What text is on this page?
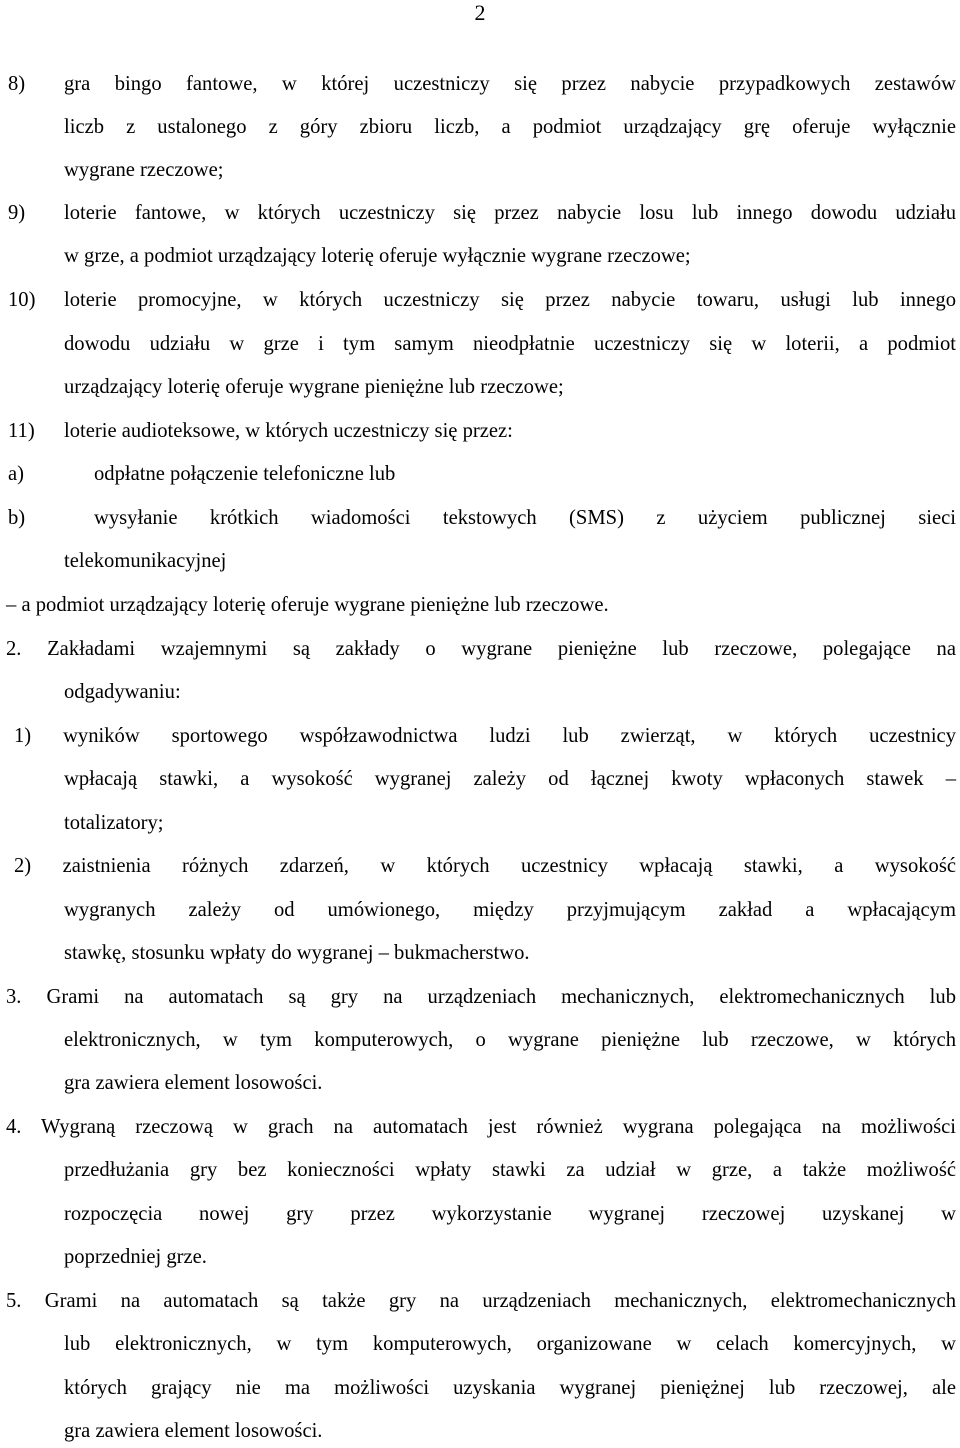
2
8) gra bingo fantowe, w której uczestniczy się przez nabycie przypadkowych zestawów
liczb z ustalonego z góry zbioru liczb, a podmiot urządzający grę oferuje wyłącznie
wygrane rzeczowe;
9) loterie fantowe, w których uczestniczy się przez nabycie losu lub innego dowodu udziału
w grze, a podmiot urządzający loterię oferuje wyłącznie wygrane rzeczowe;
10) loterie promocyjne, w których uczestniczy się przez nabycie towaru, usługi lub innego
dowodu udziału w grze i tym samym nieodpłatnie uczestniczy się w loterii, a podmiot
urządzający loterię oferuje wygrane pieniężne lub rzeczowe;
11) loterie audioteksowe, w których uczestniczy się przez:
a)	odpłatne połączenie telefoniczne lub
b)	wysyłanie krótkich wiadomości tekstowych (SMS) z użyciem publicznej sieci
telekomunikacyjnej
– a podmiot urządzający loterię oferuje wygrane pieniężne lub rzeczowe.
2. Zakładami wzajemnymi są zakłady o wygrane pieniężne lub rzeczowe, polegające na
odgadywaniu:
1) wyników sportowego współzawodnictwa ludzi lub zwierząt, w których uczestnicy
wpłacają stawki, a wysokość wygranej zależy od łącznej kwoty wpłaconych stawek –
totalizatory;
2) zaistnienia różnych zdarzeń, w których uczestnicy wpłacają stawki, a wysokość
wygranych zależy od umówionego, między przyjmującym zakład a wpłacającym
stawkę, stosunku wpłaty do wygranej – bukmacherstwo.
3. Grami na automatach są gry na urządzeniach mechanicznych, elektromechanicznych lub
elektronicznych, w tym komputerowych, o wygrane pieniężne lub rzeczowe, w których
gra zawiera element losowości.
4. Wygraną rzeczową w grach na automatach jest również wygrana polegająca na możliwości
przedłużania gry bez konieczności wpłaty stawki za udział w grze, a także możliwość
rozpoczęcia nowej gry przez wykorzystanie wygranej rzeczowej uzyskanej w
poprzedniej grze.
5. Grami na automatach są także gry na urządzeniach mechanicznych, elektromechanicznych
lub elektronicznych, w tym komputerowych, organizowane w celach komercyjnych, w
których grający nie ma możliwości uzyskania wygranej pieniężnej lub rzeczowej, ale
gra zawiera element losowości.
